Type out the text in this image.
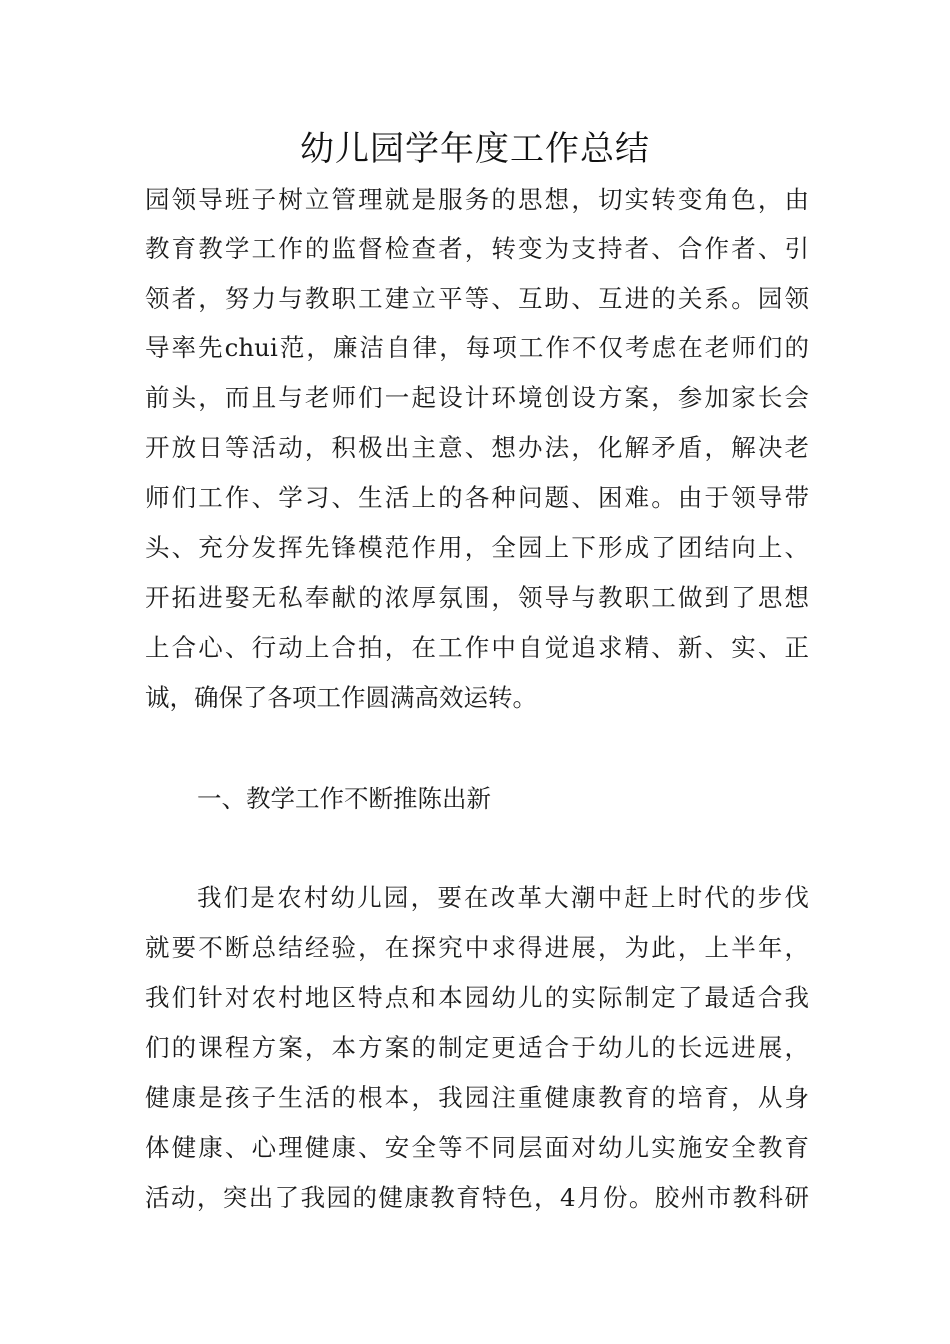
幼儿园学年度工作总结
园领导班子树立管理就是服务的思想，切实转变角色，由
教育教学工作的监督检查者，转变为支持者、合作者、引
领者，努力与教职工建立平等、互助、互进的关系。园领
导率先chui范，廉洁自律，每项工作不仅考虑在老师们的
前头，而且与老师们一起设计环境创设方案，参加家长会
开放日等活动，积极出主意、想办法，化解矛盾，解决老
师们工作、学习、生活上的各种问题、困难。由于领导带
头、充分发挥先锋模范作用，全园上下形成了团结向上、
开拓进娶无私奉献的浓厚氛围，领导与教职工做到了思想
上合心、行动上合拍，在工作中自觉追求精、新、实、正
诚，确保了各项工作圆满高效运转。
一、教学工作不断推陈出新
我们是农村幼儿园，要在改革大潮中赶上时代的步伐
就要不断总结经验，在探究中求得进展，为此，上半年，
我们针对农村地区特点和本园幼儿的实际制定了最适合我
们的课程方案，本方案的制定更适合于幼儿的长远进展，
健康是孩子生活的根本，我园注重健康教育的培育，从身
体健康、心理健康、安全等不同层面对幼儿实施安全教育
活动，突出了我园的健康教育特色，4月份。胶州市教科研
